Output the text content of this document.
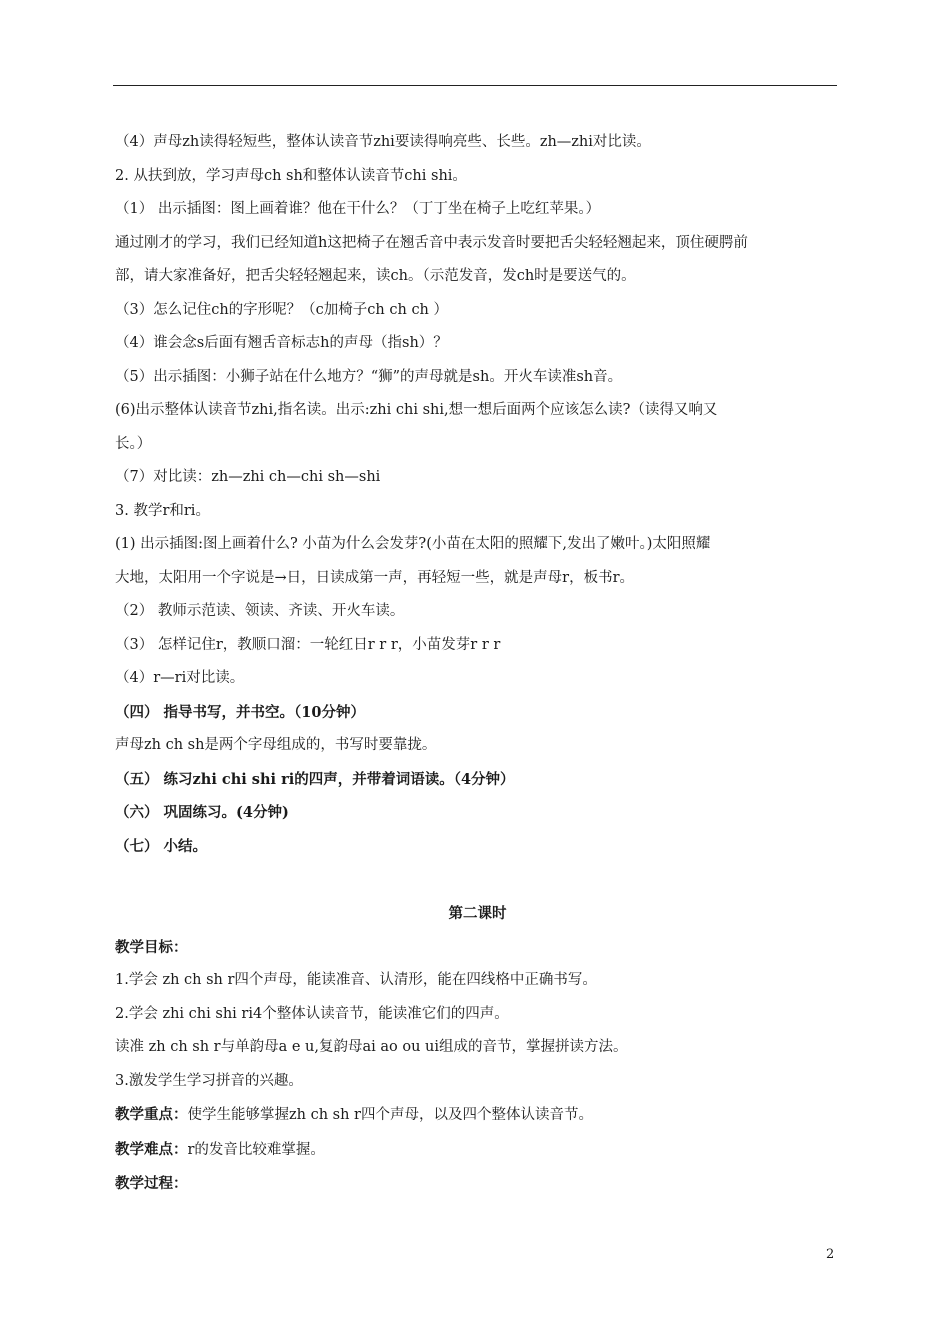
（4）声母zh读得轻短些，整体认读音节zhi要读得响亮些、长些。zh—zhi对比读。
2. 从扶到放，学习声母ch sh和整体认读音节chi shi。
（1） 出示插图：图上画着谁？他在干什么？（丁丁坐在椅子上吃红苹果。）
通过刚才的学习，我们已经知道h这把椅子在翘舌音中表示发音时要把舌尖轻轻翘起来，顶住硬腭前
部，请大家准备好，把舌尖轻轻翘起来，读ch。（示范发音，发ch时是要送气的。
（3）怎么记住ch的字形呢？（c加椅子ch ch ch ）
（4）谁会念s后面有翘舌音标志h的声母（指sh）？
（5）出示插图：小狮子站在什么地方？“狮”的声母就是sh。开火车读准sh音。
(6)出示整体认读音节zhi,指名读。出示:zhi chi shi,想一想后面两个应该怎么读?（读得又响又
长。）
（7）对比读：zh—zhi ch—chi sh—shi
3. 教学r和ri。
(1) 出示插图:图上画着什么? 小苗为什么会发芽?(小苗在太阳的照耀下,发出了嫩叶。)太阳照耀
大地，太阳用一个字说是→日，日读成第一声，再轻短一些，就是声母r，板书r。
（2） 教师示范读、领读、齐读、开火车读。
（3） 怎样记住r，教顺口溜：一轮红日r r r，小苗发芽r r r
（4）r—ri对比读。
（四） 指导书写，并书空。（10分钟）
声母zh ch sh是两个字母组成的，书写时要靠拢。
（五） 练习zhi chi shi ri的四声，并带着词语读。（4分钟）
（六） 巩固练习。(4分钟)
（七） 小结。
第二课时
教学目标：
1.学会 zh ch sh r四个声母，能读准音、认清形，能在四线格中正确书写。
2.学会 zhi chi shi ri4个整体认读音节，能读准它们的四声。
读准 zh ch sh r与单韵母a e u,复韵母ai ao ou ui组成的音节，掌握拼读方法。
3.激发学生学习拼音的兴趣。
教学重点：使学生能够掌握zh ch sh r四个声母，以及四个整体认读音节。
教学难点：r的发音比较难掌握。
教学过程：
2
